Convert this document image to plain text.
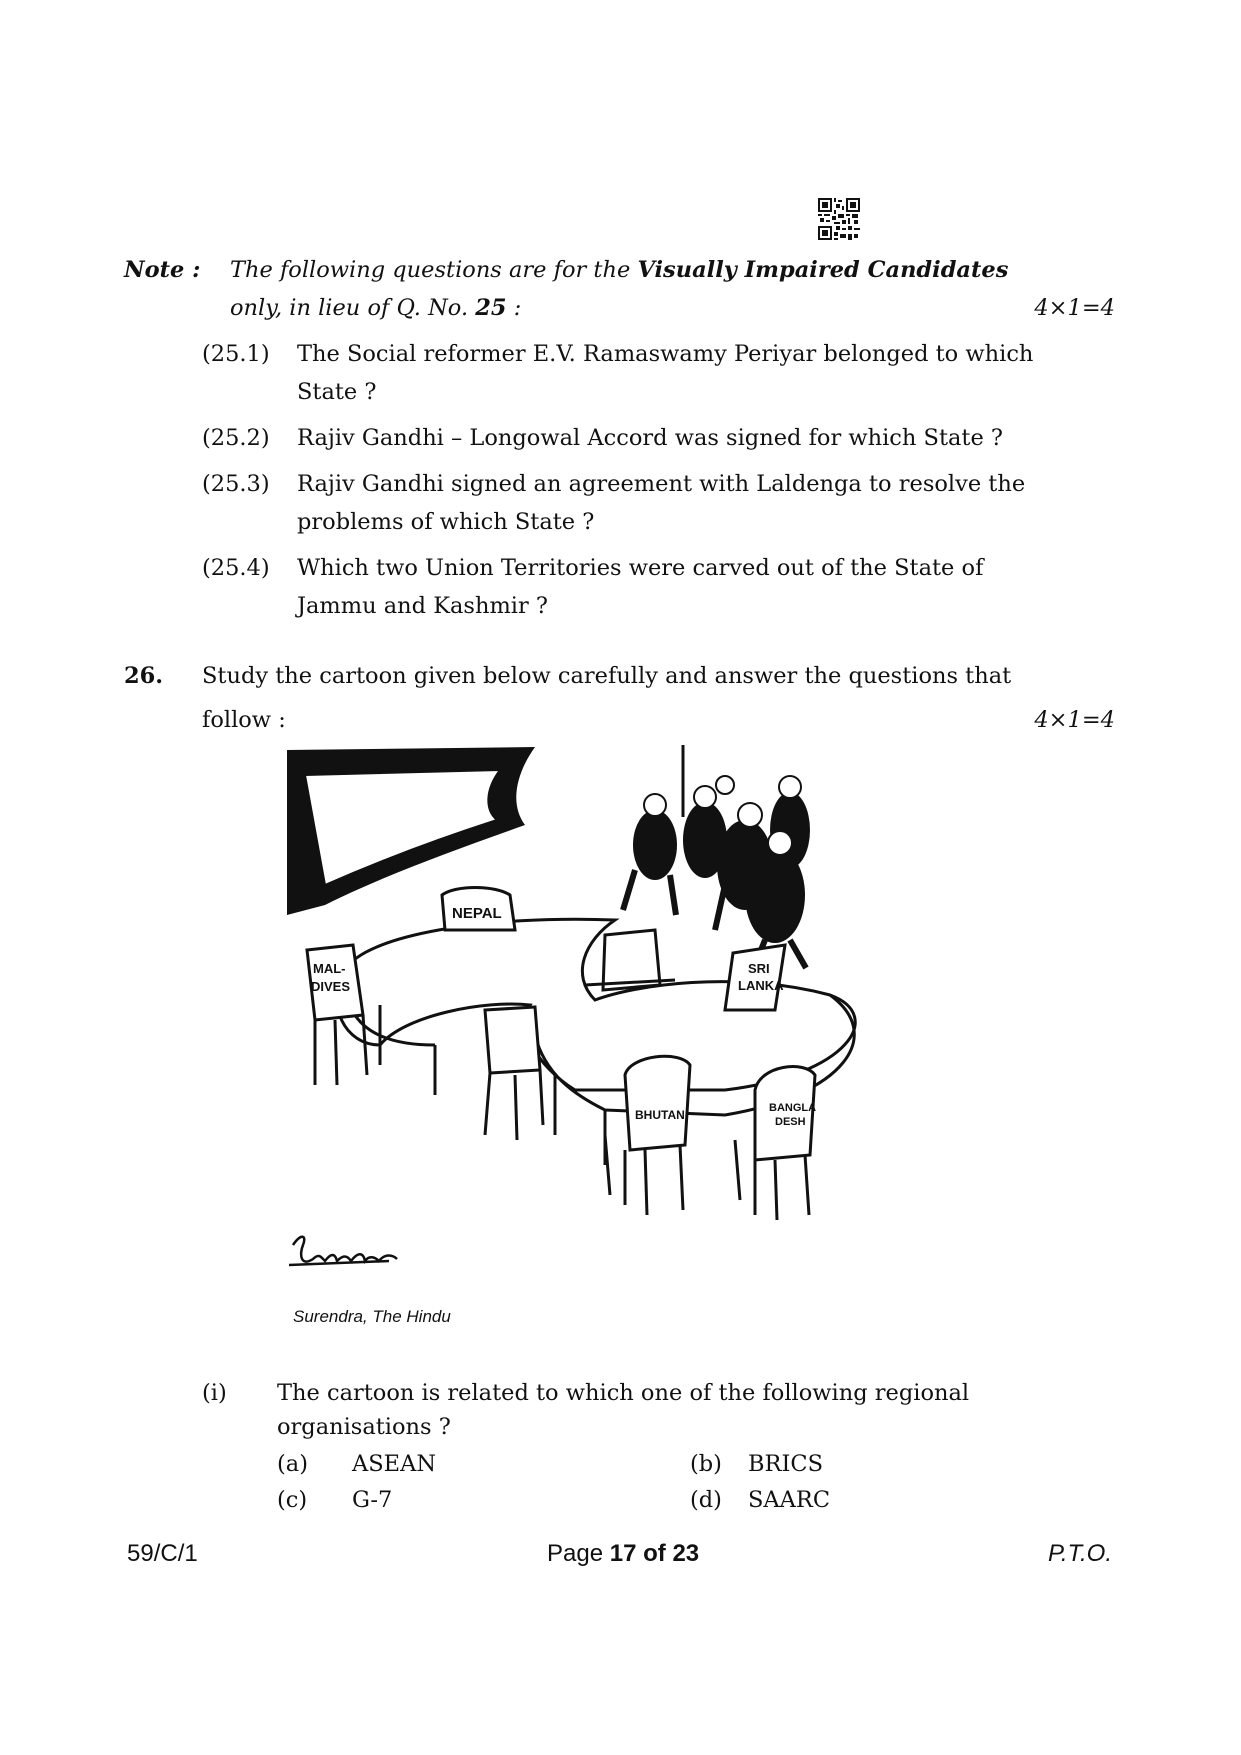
Note : The following questions are for the Visually Impaired Candidates
only, in lieu of Q. No. 25 :	4×1=4
(25.1) The Social reformer E.V. Ramaswamy Periyar belonged to which
State ?
(25.2) Rajiv Gandhi – Longowal Accord was signed for which State ?
(25.3) Rajiv Gandhi signed an agreement with Laldenga to resolve the
problems of which State ?
(25.4) Which two Union Territories were carved out of the State of
Jammu and Kashmir ?
26. Study the cartoon given below carefully and answer the questions that
follow :	4×1=4
NEPAL
MAL-
DIVES
SRI
LANKA
BHUTAN	BANGLA
DESH
Surendra, The Hindu
(i) The cartoon is related to which one of the following regional
organisations ?
(a) ASEAN	(b) BRICS
(c) G-7	(d) SAARC
59/C/1	Page 17 of 23	P.T.O.
